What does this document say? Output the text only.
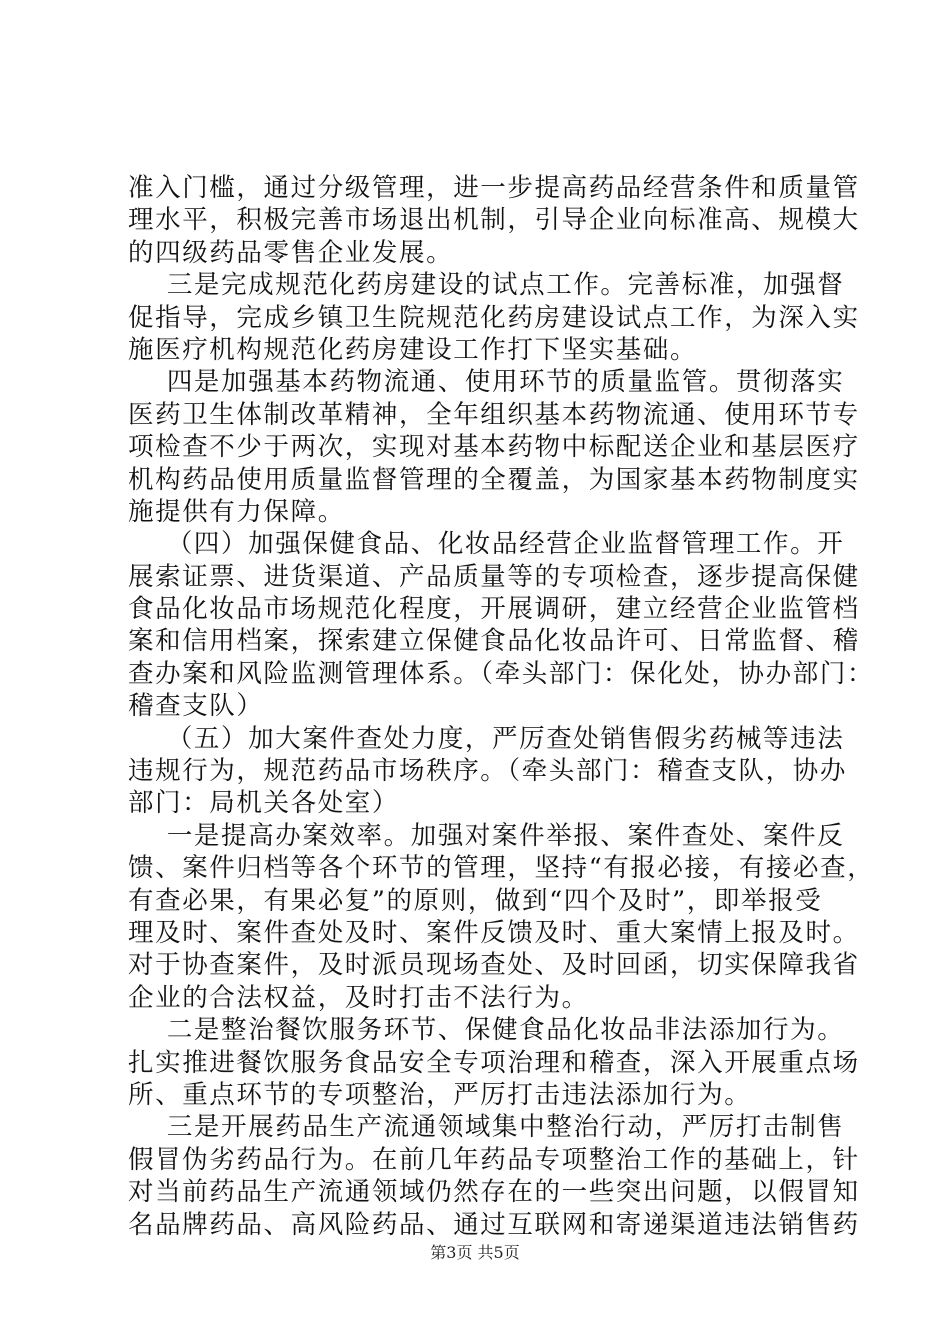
准入门槛，通过分级管理，进一步提高药品经营条件和质量管
理水平，积极完善市场退出机制，引导企业向标准高、规模大
的四级药品零售企业发展。
三是完成规范化药房建设的试点工作。完善标准，加强督
促指导，完成乡镇卫生院规范化药房建设试点工作，为深入实
施医疗机构规范化药房建设工作打下坚实基础。
四是加强基本药物流通、使用环节的质量监管。贯彻落实
医药卫生体制改革精神，全年组织基本药物流通、使用环节专
项检查不少于两次，实现对基本药物中标配送企业和基层医疗
机构药品使用质量监督管理的全覆盖，为国家基本药物制度实
施提供有力保障。
（四）加强保健食品、化妆品经营企业监督管理工作。开
展索证票、进货渠道、产品质量等的专项检查，逐步提高保健
食品化妆品市场规范化程度，开展调研，建立经营企业监管档
案和信用档案，探索建立保健食品化妆品许可、日常监督、稽
查办案和风险监测管理体系。（牵头部门：保化处，协办部门：
稽查支队）
（五）加大案件查处力度，严厉查处销售假劣药械等违法
违规行为，规范药品市场秩序。（牵头部门：稽查支队，协办
部门：局机关各处室）
一是提高办案效率。加强对案件举报、案件查处、案件反
馈、案件归档等各个环节的管理，坚持“有报必接，有接必查，
有查必果，有果必复”的原则，做到“四个及时”，即举报受
理及时、案件查处及时、案件反馈及时、重大案情上报及时。
对于协查案件，及时派员现场查处、及时回函，切实保障我省
企业的合法权益，及时打击不法行为。
二是整治餐饮服务环节、保健食品化妆品非法添加行为。
扎实推进餐饮服务食品安全专项治理和稽查，深入开展重点场
所、重点环节的专项整治，严厉打击违法添加行为。
三是开展药品生产流通领域集中整治行动，严厉打击制售
假冒伪劣药品行为。在前几年药品专项整治工作的基础上，针
对当前药品生产流通领域仍然存在的一些突出问题，以假冒知
名品牌药品、高风险药品、通过互联网和寄递渠道违法销售药
第3页 共5页
